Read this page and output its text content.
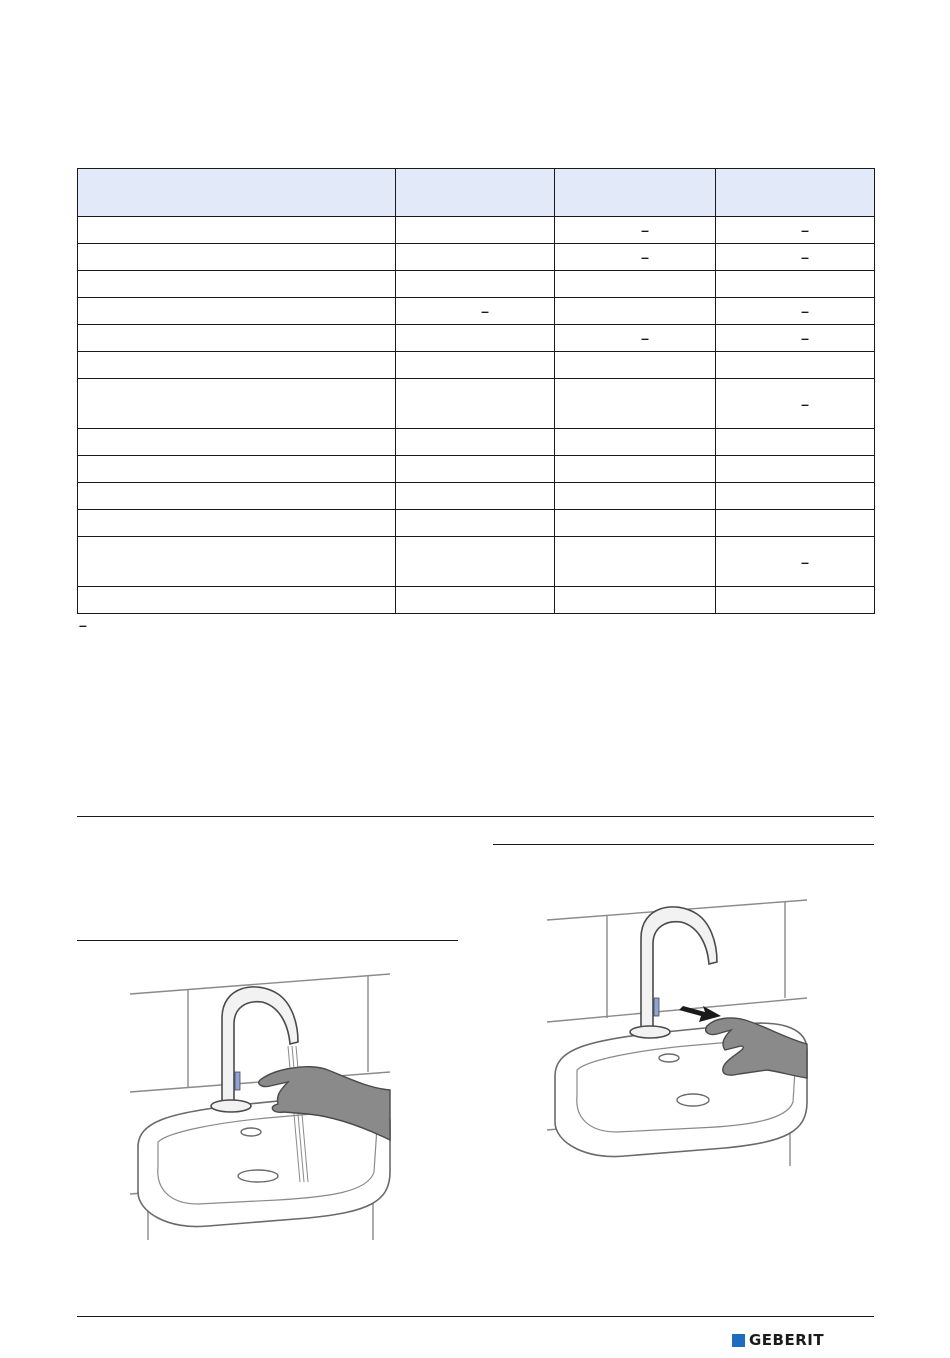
		–	–
		–	–

	–		–
		–	–

			–

			–

–
GEBERIT
